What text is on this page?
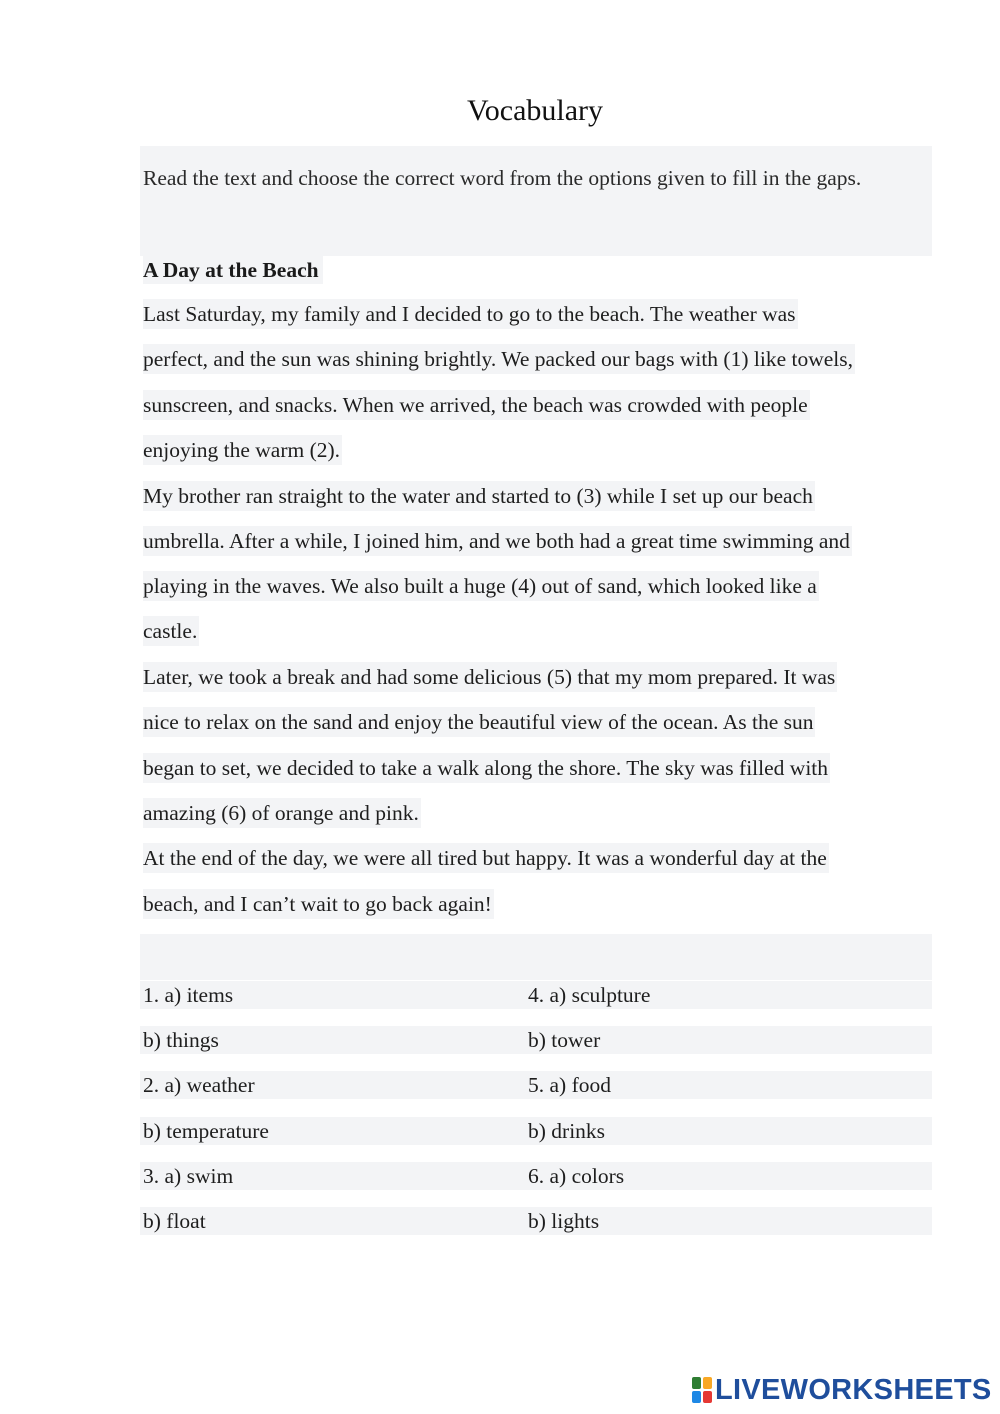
Vocabulary
Read the text and choose the correct word from the options given to fill in the gaps.
A Day at the Beach
Last Saturday, my family and I decided to go to the beach. The weather was
perfect, and the sun was shining brightly. We packed our bags with (1) like towels,
sunscreen, and snacks. When we arrived, the beach was crowded with people
enjoying the warm (2).
My brother ran straight to the water and started to (3) while I set up our beach
umbrella. After a while, I joined him, and we both had a great time swimming and
playing in the waves. We also built a huge (4) out of sand, which looked like a
castle.
Later, we took a break and had some delicious (5) that my mom prepared. It was
nice to relax on the sand and enjoy the beautiful view of the ocean. As the sun
began to set, we decided to take a walk along the shore. The sky was filled with
amazing (6) of orange and pink.
At the end of the day, we were all tired but happy. It was a wonderful day at the
beach, and I can’t wait to go back again!
1. a) items	4. a) sculpture
b) things	b) tower
2. a) weather	5. a) food
b) temperature	b) drinks
3. a) swim	6. a) colors
b) float	b) lights
LIVEWORKSHEETS
